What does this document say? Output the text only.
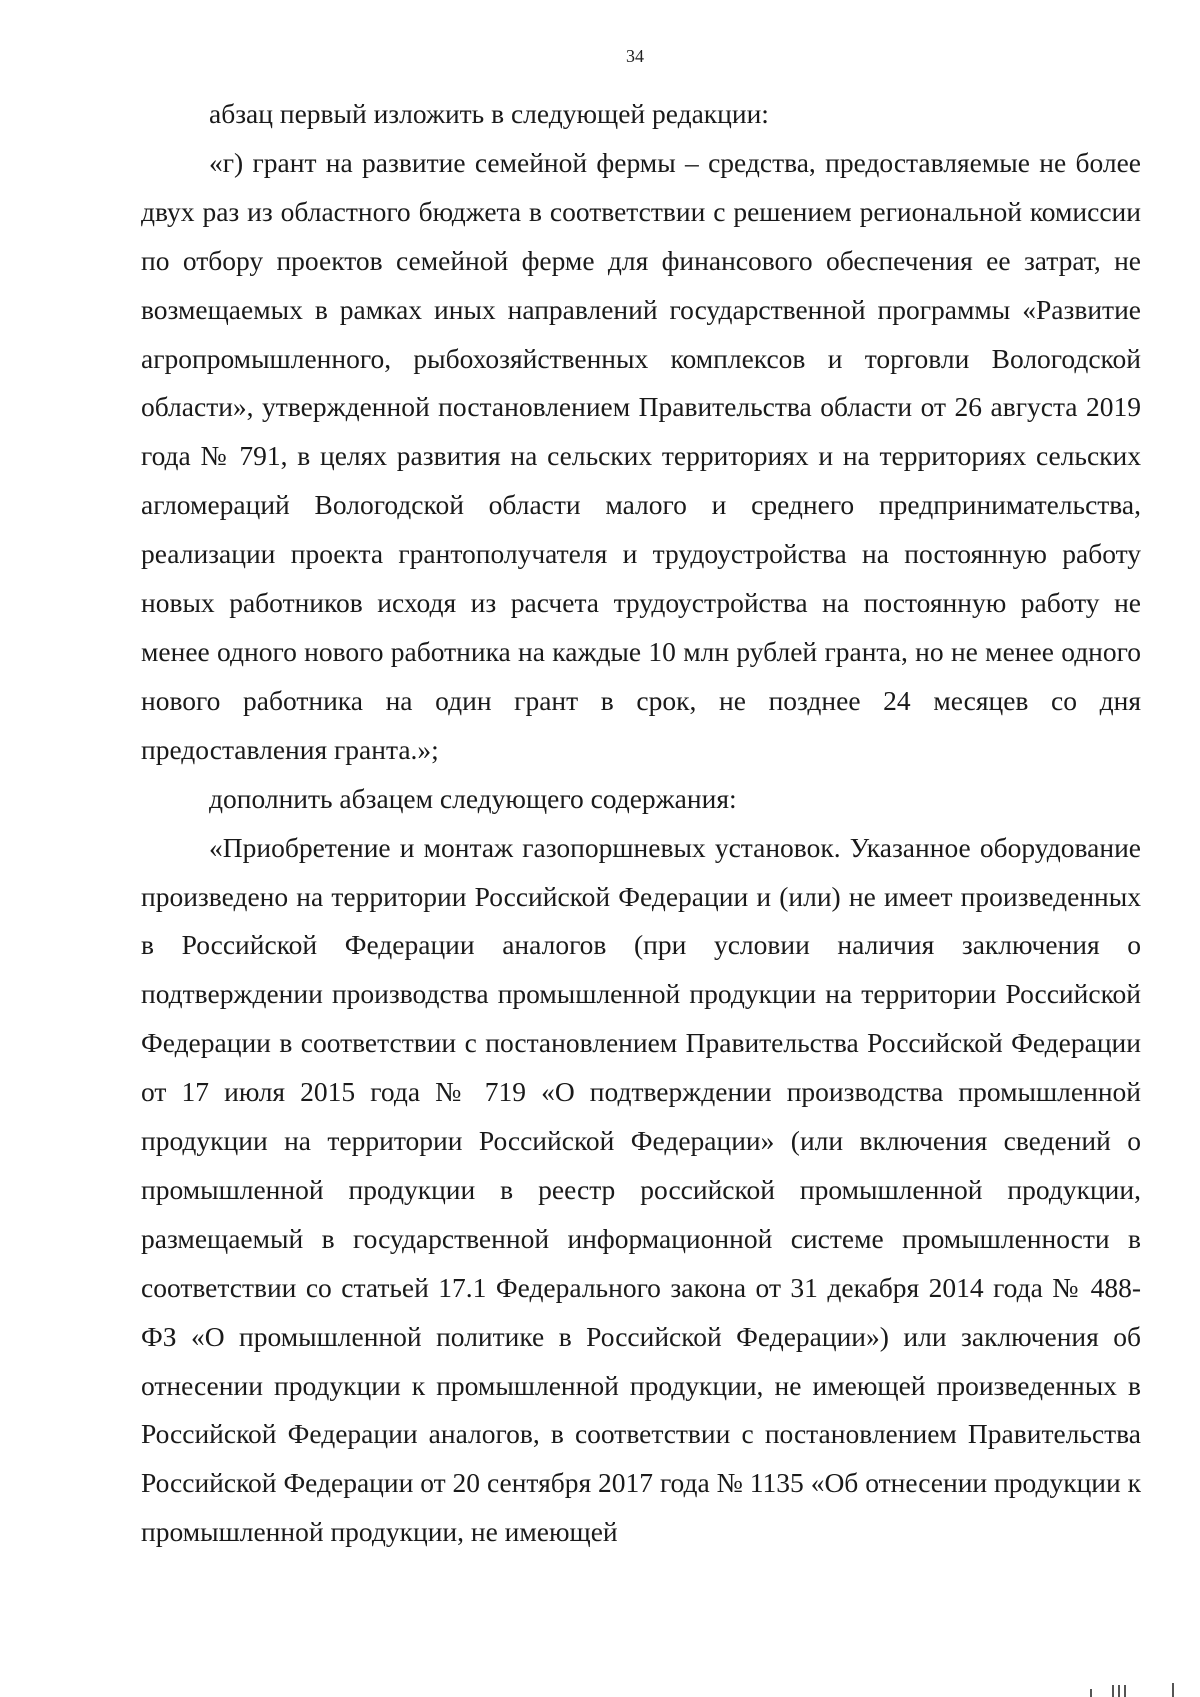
34

абзац первый изложить в следующей редакции:

«г) грант на развитие семейной фермы – средства, предоставляемые не более двух раз из областного бюджета в соответствии с решением региональной комиссии по отбору проектов семейной ферме для финансового обеспечения ее затрат, не возмещаемых в рамках иных направлений государственной программы «Развитие агропромышленного, рыбохозяйственных комплексов и торговли Вологодской области», утвержденной постановлением Правительства области от 26 августа 2019 года № 791, в целях развития на сельских территориях и на территориях сельских агломераций Вологодской области малого и среднего предпринимательства, реализации проекта грантополучателя и трудоустройства на постоянную работу новых работников исходя из расчета трудоустройства на постоянную работу не менее одного нового работника на каждые 10 млн рублей гранта, но не менее одного нового работника на один грант в срок, не позднее 24 месяцев со дня предоставления гранта.»;

дополнить абзацем следующего содержания:

«Приобретение и монтаж газопоршневых установок. Указанное оборудование произведено на территории Российской Федерации и (или) не имеет произведенных в Российской Федерации аналогов (при условии наличия заключения о подтверждении производства промышленной продукции на территории Российской Федерации в соответствии с постановлением Правительства Российской Федерации от 17 июля 2015 года № 719 «О подтверждении производства промышленной продукции на территории Российской Федерации» (или включения сведений о промышленной продукции в реестр российской промышленной продукции, размещаемый в государственной информационной системе промышленности в соответствии со статьей 17.1 Федерального закона от 31 декабря 2014 года № 488-ФЗ «О промышленной политике в Российской Федерации») или заключения об отнесении продукции к промышленной продукции, не имеющей произведенных в Российской Федерации аналогов, в соответствии с постановлением Правительства Российской Федерации от 20 сентября 2017 года № 1135 «Об отнесении продукции к промышленной продукции, не имеющей
